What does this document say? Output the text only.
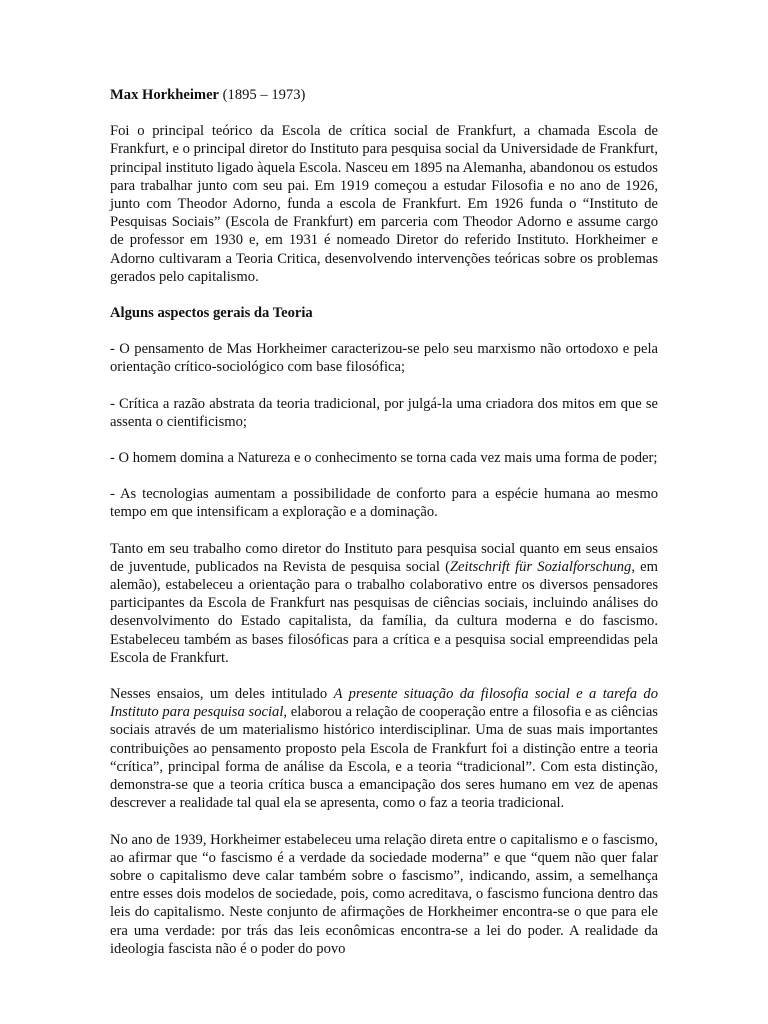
Max Horkheimer (1895 – 1973)

Foi o principal teórico da Escola de crítica social de Frankfurt, a chamada Escola de Frankfurt, e o principal diretor do Instituto para pesquisa social da Universidade de Frankfurt, principal instituto ligado àquela Escola. Nasceu em 1895 na Alemanha, abandonou os estudos para trabalhar junto com seu pai. Em 1919 começou a estudar Filosofia e no ano de 1926, junto com Theodor Adorno, funda a escola de Frankfurt. Em 1926 funda o “Instituto de Pesquisas Sociais” (Escola de Frankfurt) em parceria com Theodor Adorno e assume cargo de professor em 1930 e, em 1931 é nomeado Diretor do referido Instituto. Horkheimer e Adorno cultivaram a Teoria Critica, desenvolvendo intervenções teóricas sobre os problemas gerados pelo capitalismo.

Alguns aspectos gerais da Teoria

- O pensamento de Mas Horkheimer caracterizou-se pelo seu marxismo não ortodoxo e pela orientação crítico-sociológico com base filosófica;

- Crítica a razão abstrata da teoria tradicional, por julgá-la uma criadora dos mitos em que se assenta o cientificismo;

- O homem domina a Natureza e o conhecimento se torna cada vez mais uma forma de poder;

- As tecnologias aumentam a possibilidade de conforto para a espécie humana ao mesmo tempo em que intensificam a exploração e a dominação.

Tanto em seu trabalho como diretor do Instituto para pesquisa social quanto em seus ensaios de juventude, publicados na Revista de pesquisa social (Zeitschrift für Sozialforschung, em alemão), estabeleceu a orientação para o trabalho colaborativo entre os diversos pensadores participantes da Escola de Frankfurt nas pesquisas de ciências sociais, incluindo análises do desenvolvimento do Estado capitalista, da família, da cultura moderna e do fascismo. Estabeleceu também as bases filosóficas para a crítica e a pesquisa social empreendidas pela Escola de Frankfurt.

Nesses ensaios, um deles intitulado A presente situação da filosofia social e a tarefa do Instituto para pesquisa social, elaborou a relação de cooperação entre a filosofia e as ciências sociais através de um materialismo histórico interdisciplinar. Uma de suas mais importantes contribuições ao pensamento proposto pela Escola de Frankfurt foi a distinção entre a teoria “crítica”, principal forma de análise da Escola, e a teoria “tradicional”. Com esta distinção, demonstra-se que a teoria crítica busca a emancipação dos seres humano em vez de apenas descrever a realidade tal qual ela se apresenta, como o faz a teoria tradicional.

No ano de 1939, Horkheimer estabeleceu uma relação direta entre o capitalismo e o fascismo, ao afirmar que “o fascismo é a verdade da sociedade moderna” e que “quem não quer falar sobre o capitalismo deve calar também sobre o fascismo”, indicando, assim, a semelhança entre esses dois modelos de sociedade, pois, como acreditava, o fascismo funciona dentro das leis do capitalismo. Neste conjunto de afirmações de Horkheimer encontra-se o que para ele era uma verdade: por trás das leis econômicas encontra-se a lei do poder. A realidade da ideologia fascista não é o poder do povo
